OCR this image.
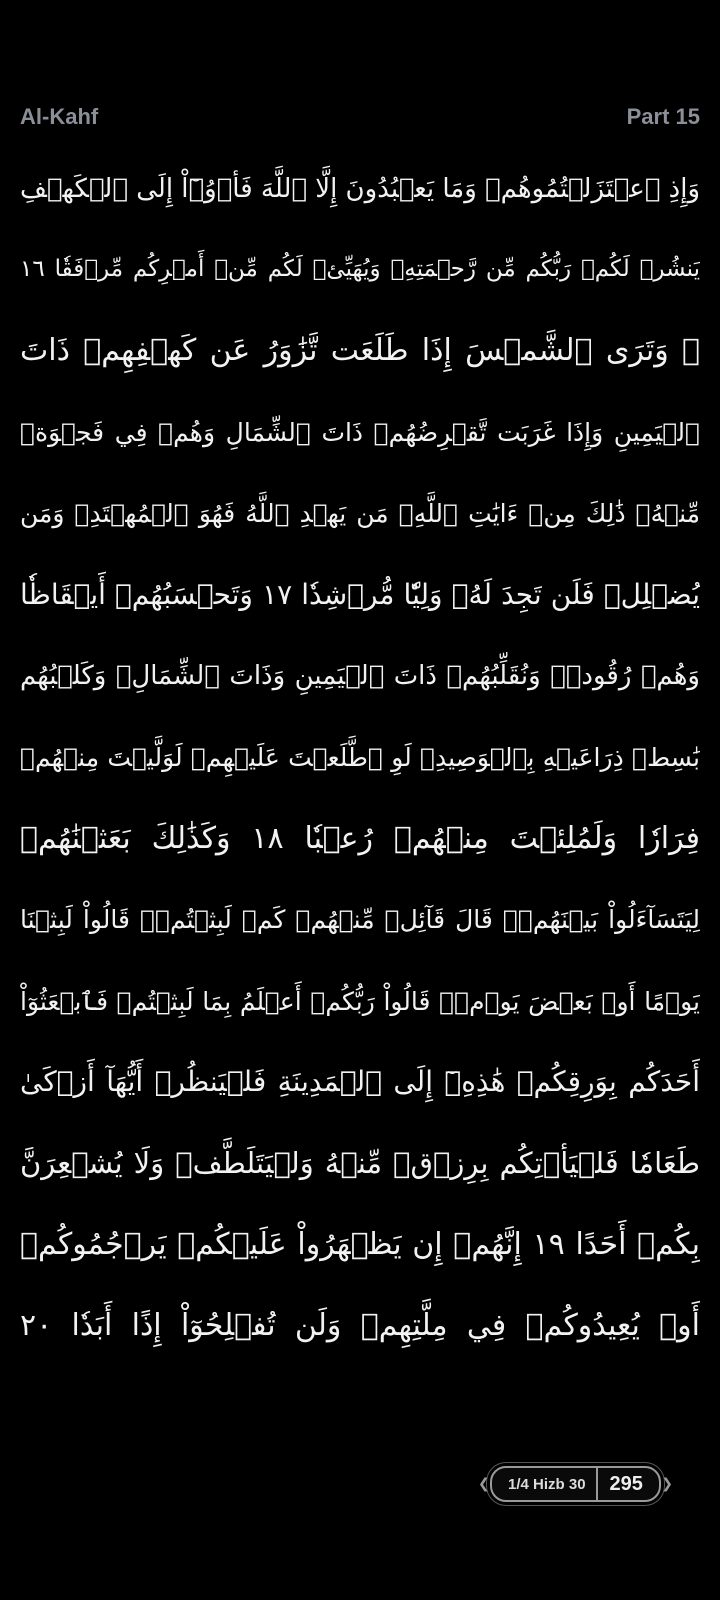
Al-Kahf	Part 15
وَإِذِ ٱعۡتَزَلۡتُمُوهُمۡ وَمَا يَعۡبُدُونَ إِلَّا ٱللَّهَ فَأۡوُۥٓاْ إِلَى ٱلۡكَهۡفِ
يَنشُرۡ لَكُمۡ رَبُّكُم مِّن رَّحۡمَتِهِۦ وَيُهَيِّئۡ لَكُم مِّنۡ أَمۡرِكُم مِّرۡفَقٗا ١٦
۞ وَتَرَى ٱلشَّمۡسَ إِذَا طَلَعَت تَّزَٰوَرُ عَن كَهۡفِهِمۡ ذَاتَ
ٱلۡيَمِينِ وَإِذَا غَرَبَت تَّقۡرِضُهُمۡ ذَاتَ ٱلشِّمَالِ وَهُمۡ فِي فَجۡوَةٖ
مِّنۡهُۚ ذَٰلِكَ مِنۡ ءَايَٰتِ ٱللَّهِۗ مَن يَهۡدِ ٱللَّهُ فَهُوَ ٱلۡمُهۡتَدِۖ وَمَن
يُضۡلِلۡ فَلَن تَجِدَ لَهُۥ وَلِيّٗا مُّرۡشِدٗا ١٧ وَتَحۡسَبُهُمۡ أَيۡقَاظٗا
وَهُمۡ رُقُودٞۚ وَنُقَلِّبُهُمۡ ذَاتَ ٱلۡيَمِينِ وَذَاتَ ٱلشِّمَالِۖ وَكَلۡبُهُم
بَٰسِطٞ ذِرَاعَيۡهِ بِٱلۡوَصِيدِۚ لَوِ ٱطَّلَعۡتَ عَلَيۡهِمۡ لَوَلَّيۡتَ مِنۡهُمۡ
فِرَارٗا وَلَمُلِئۡتَ مِنۡهُمۡ رُعۡبٗا ١٨ وَكَذَٰلِكَ بَعَثۡنَٰهُمۡ
لِيَتَسَآءَلُواْ بَيۡنَهُمۡۚ قَالَ قَآئِلٞ مِّنۡهُمۡ كَمۡ لَبِثۡتُمۡۖ قَالُواْ لَبِثۡنَا
يَوۡمًا أَوۡ بَعۡضَ يَوۡمٖۚ قَالُواْ رَبُّكُمۡ أَعۡلَمُ بِمَا لَبِثۡتُمۡ فَٱبۡعَثُوٓاْ
أَحَدَكُم بِوَرِقِكُمۡ هَٰذِهِۦٓ إِلَى ٱلۡمَدِينَةِ فَلۡيَنظُرۡ أَيُّهَآ أَزۡكَىٰ
طَعَامٗا فَلۡيَأۡتِكُم بِرِزۡقٖ مِّنۡهُ وَلۡيَتَلَطَّفۡ وَلَا يُشۡعِرَنَّ
بِكُمۡ أَحَدًا ١٩ إِنَّهُمۡ إِن يَظۡهَرُواْ عَلَيۡكُمۡ يَرۡجُمُوكُمۡ
أَوۡ يُعِيدُوكُمۡ فِي مِلَّتِهِمۡ وَلَن تُفۡلِحُوٓاْ إِذًا أَبَدٗا ٢٠
❮	1/4 Hizb 30	295	❯
